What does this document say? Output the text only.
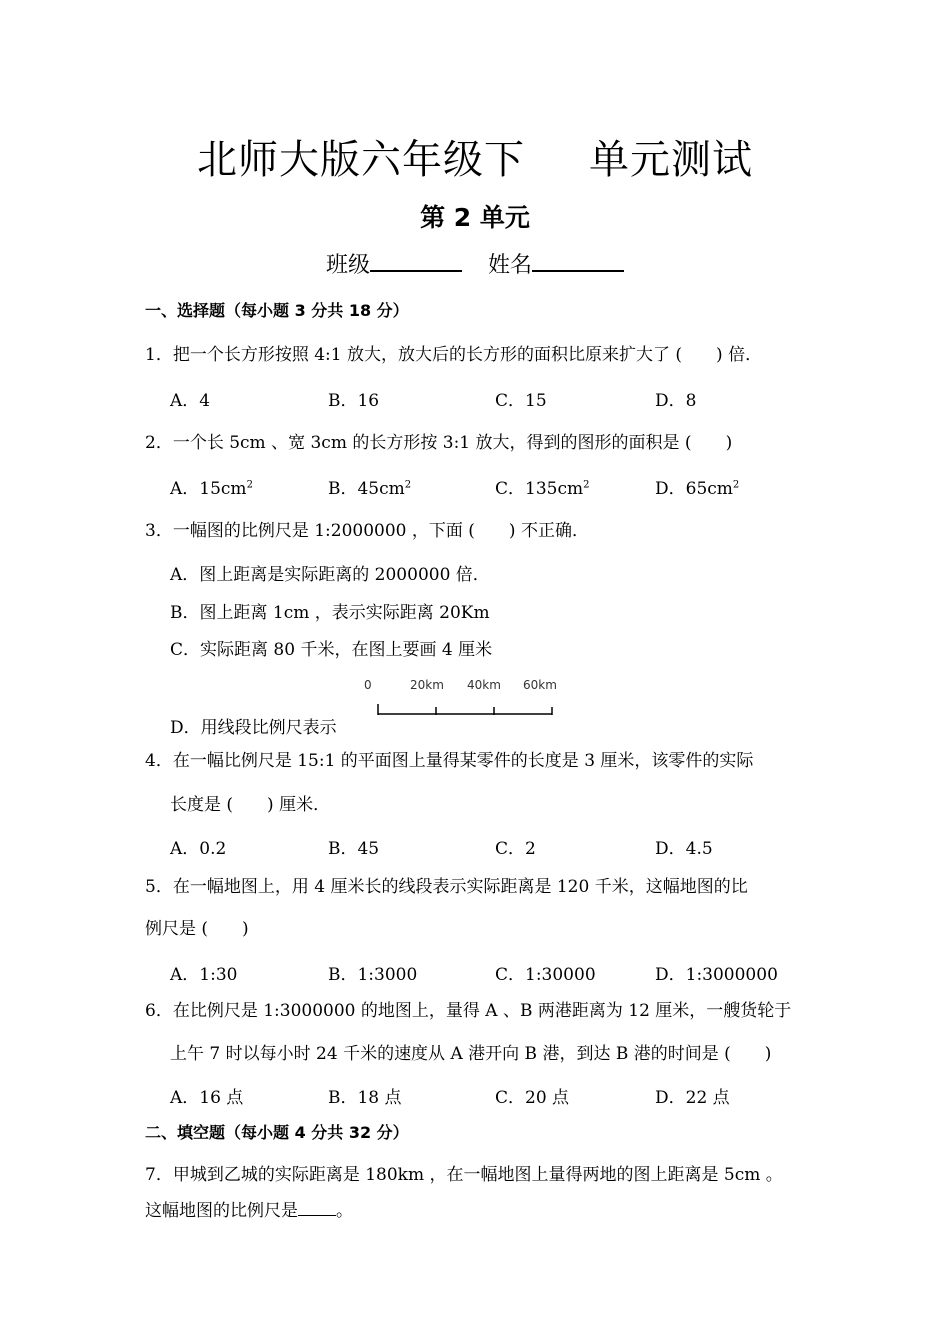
北师大版六年级下 单元测试
第 2 单元
班级	姓名
一、选择题（每小题 3 分共 18 分）
1．把一个长方形按照 4:1 放大，放大后的长方形的面积比原来扩大了 ( ) 倍．
A．4	B．16	C．15	D．8
2．一个长 5cm 、宽 3cm 的长方形按 3:1 放大，得到的图形的面积是 ( )
A．$15cm^2$	B．$45cm^2$	C．$135cm^2$	D．$65cm^2$
3．一幅图的比例尺是 1:2000000 ，下面 ( ) 不正确．
A．图上距离是实际距离的 2000000 倍．
B．图上距离 1cm ，表示实际距离 20Km
C．实际距离 80 千米，在图上要画 4 厘米
D．用线段比例尺表示
0	20km 40km 60km
4．在一幅比例尺是 15:1 的平面图上量得某零件的长度是 3 厘米，该零件的实际
长度是 ( ) 厘米．
A．0.2	B．45	C．2	D．4.5
5．在一幅地图上，用 4 厘米长的线段表示实际距离是 120 千米，这幅地图的比
例尺是 ( )
A．1:30	B．1:3000	C．1:30000	D．1:3000000
6．在比例尺是 1:3000000 的地图上，量得 A 、B 两港距离为 12 厘米，一艘货轮于
上午 7 时以每小时 24 千米的速度从 A 港开向 B 港，到达 B 港的时间是 ( )
A．16 点	B．18 点	C．20 点	D．22 点
二、填空题（每小题 4 分共 32 分）
7．甲城到乙城的实际距离是 180km ，在一幅地图上量得两地的图上距离是 5cm 。
这幅地图的比例尺是 。
